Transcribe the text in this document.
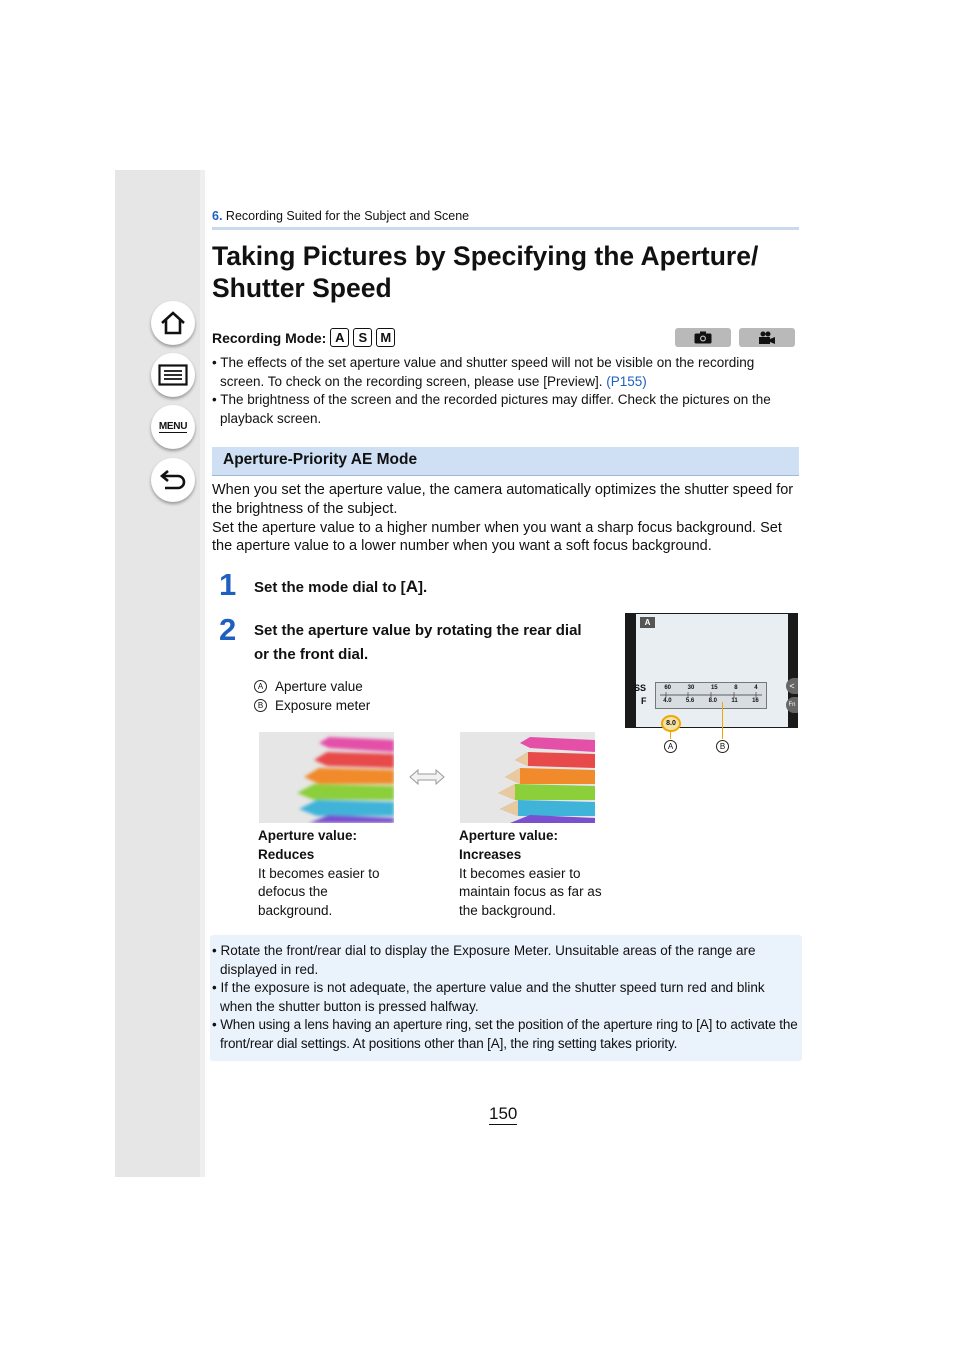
MENU
6. Recording Suited for the Subject and Scene
Taking Pictures by Specifying the Aperture/
Shutter Speed
Recording Mode: A	S	M
• The effects of the set aperture value and shutter speed will not be visible on the recording screen. To check on the recording screen, please use [Preview]. (P155)
• The brightness of the screen and the recorded pictures may differ. Check the pictures on the playback screen.
Aperture-Priority AE Mode
When you set the aperture value, the camera automatically optimizes the shutter speed for the brightness of the subject.
Set the aperture value to a higher number when you want a sharp focus background. Set the aperture value to a lower number when you want a soft focus background.
1 Set the mode dial to [A].
2 Set the aperture value by rotating the rear dial or the front dial.
A Aperture value
B Exposure meter
A
SS
F
60	30	15	8	4
4.0 5.6 8.0 11 16
8.0
<
Fn
A	B
Aperture value:
Reduces
It becomes easier to defocus the background.
Aperture value:
Increases
It becomes easier to maintain focus as far as the background.
• Rotate the front/rear dial to display the Exposure Meter. Unsuitable areas of the range are displayed in red.
• If the exposure is not adequate, the aperture value and the shutter speed turn red and blink when the shutter button is pressed halfway.
• When using a lens having an aperture ring, set the position of the aperture ring to [A] to activate the front/rear dial settings. At positions other than [A], the ring setting takes priority.
150
